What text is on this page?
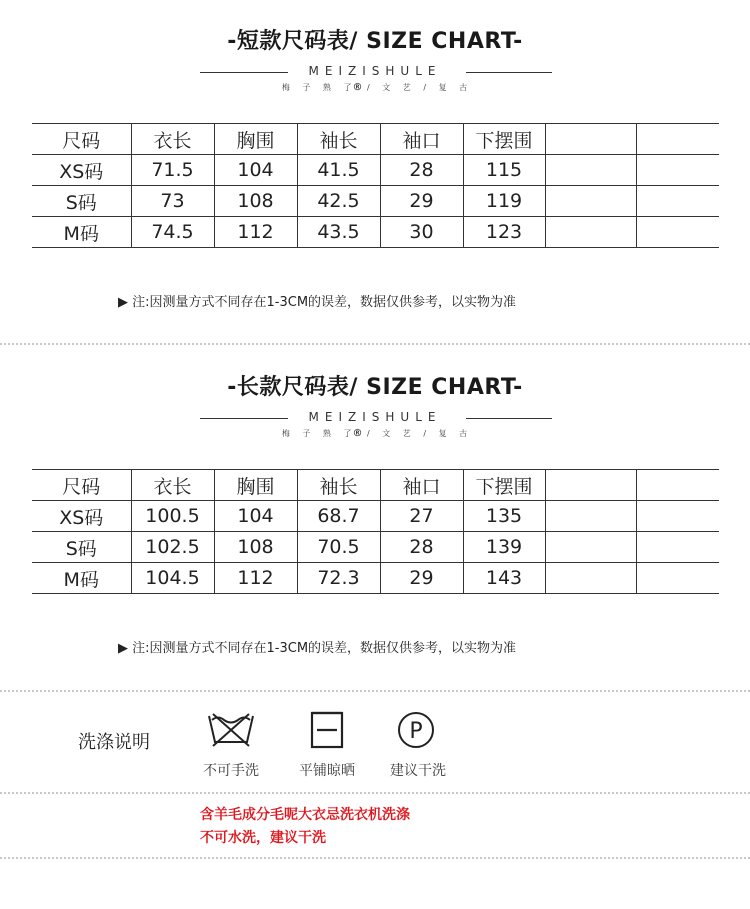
-短款尺码表/ SIZE CHART-
MEIZISHULE
梅 子 熟 了® / 文 艺 / 复 古
尺码	衣长	胸围	袖长	袖口	下摆围		
XS码	71.5	104	41.5	28	115		
S码	73	108	42.5	29	119		
M码	74.5	112	43.5	30	123		
▶ 注:因测量方式不同存在1-3CM的误差，数据仅供参考，以实物为准
-长款尺码表/ SIZE CHART-
MEIZISHULE
梅 子 熟 了® / 文 艺 / 复 古
尺码	衣长	胸围	袖长	袖口	下摆围		
XS码	100.5	104	68.7	27	135		
S码	102.5	108	70.5	28	139		
M码	104.5	112	72.3	29	143		
▶ 注:因测量方式不同存在1-3CM的误差，数据仅供参考，以实物为准
洗涤说明
不可手洗	平铺晾晒
P
建议干洗
含羊毛成分毛呢大衣忌洗衣机洗涤
不可水洗，建议干洗
